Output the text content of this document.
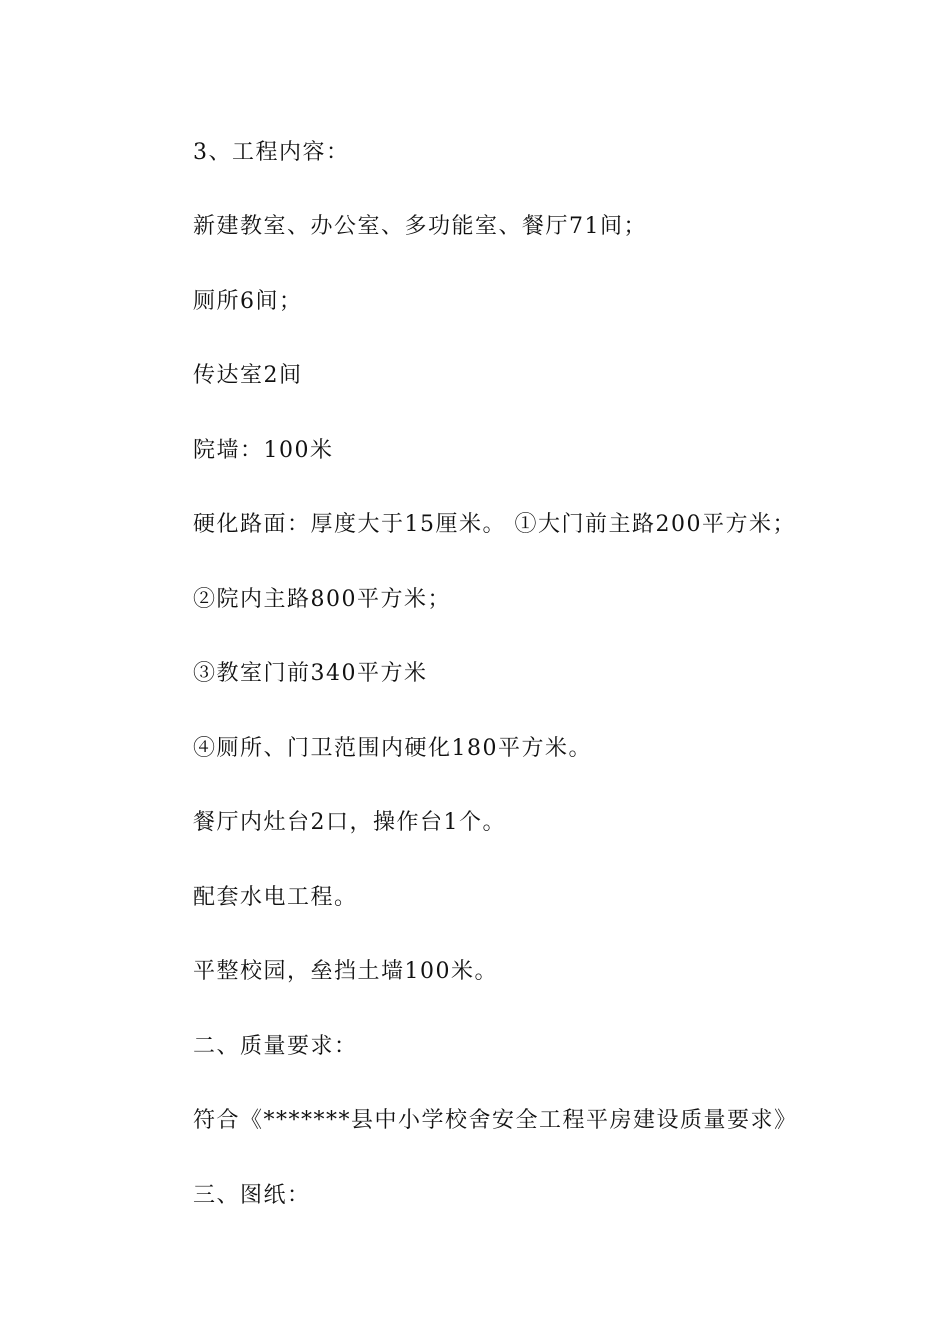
3、工程内容：

新建教室、办公室、多功能室、餐厅71间；

厕所6间；

传达室2间

院墙：100米

硬化路面：厚度大于15厘米。 ①大门前主路200平方米；

②院内主路800平方米；

③教室门前340平方米

④厕所、门卫范围内硬化180平方米。

餐厅内灶台2口，操作台1个。

配套水电工程。

平整校园，垒挡土墙100米。

二、质量要求：

符合《*******县中小学校舍安全工程平房建设质量要求》

三、图纸：
